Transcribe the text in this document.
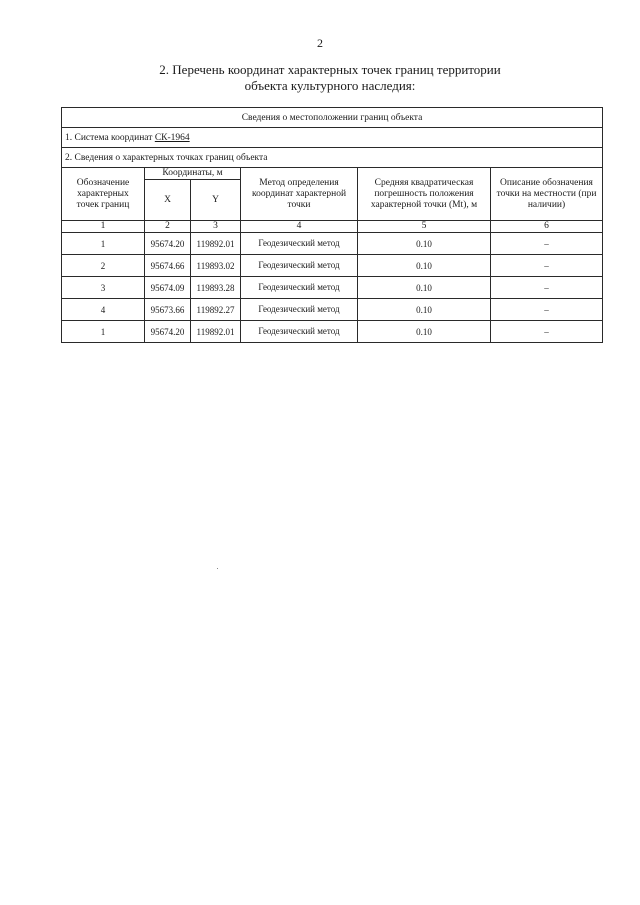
2
2. Перечень координат характерных точек границ территории
объекта культурного наследия:
Сведения о местоположении границ объекта					
1. Система координат СК-1964					
2. Сведения о характерных точках границ объекта					
Обозначение характерных точек границ	Координаты, м		Метод определения координат характерной точки	Средняя квадратическая погрешность положения характерной точки (Mt), м	Описание обозначения точки на местности (при наличии)
	X	Y			
1	2	3	4	5	6
1	95674.20	119892.01	Геодезический метод	0.10	–
2	95674.66	119893.02	Геодезический метод	0.10	–
3	95674.09	119893.28	Геодезический метод	0.10	–
4	95673.66	119892.27	Геодезический метод	0.10	–
1	95674.20	119892.01	Геодезический метод	0.10	–
